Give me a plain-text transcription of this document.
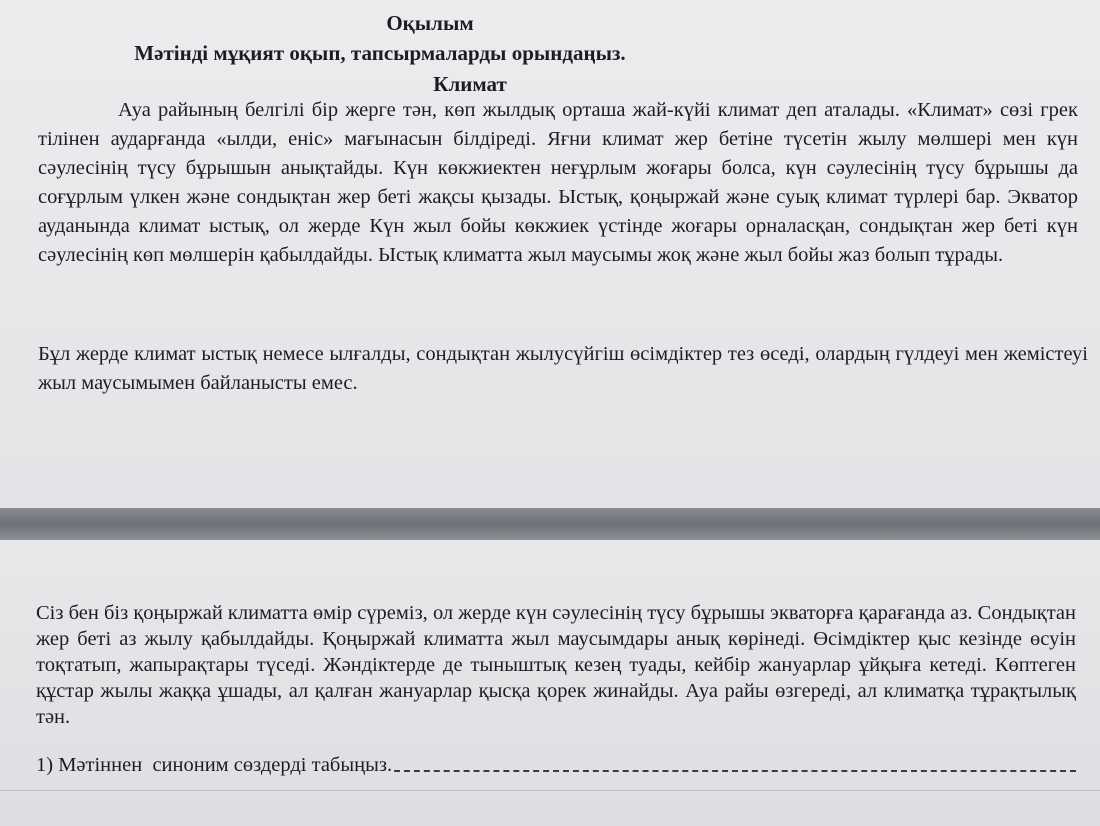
Оқылым
Мәтінді мұқият оқып, тапсырмаларды орындаңыз.
Климат

Ауа райының белгілі бір жерге тән, көп жылдық орташа жай-күйі климат деп аталады. «Климат» сөзі грек тілінен аударғанда «ылди, еніс» мағынасын білдіреді. Яғни климат жер бетіне түсетін жылу мөлшері мен күн сәулесінің түсу бұрышын анықтайды. Күн көкжиектен неғұрлым жоғары болса, күн сәулесінің түсу бұрышы да соғұрлым үлкен және сондықтан жер беті жақсы қызады. Ыстық, қоңыржай және суық климат түрлері бар. Экватор ауданында климат ыстық, ол жерде Күн жыл бойы көкжиек үстінде жоғары орналасқан, сондықтан жер беті күн сәулесінің көп мөлшерін қабылдайды. Ыстық климатта жыл маусымы жоқ және жыл бойы жаз болып тұрады.

Бұл жерде климат ыстық немесе ылғалды, сондықтан жылусүйгіш өсімдіктер тез өседі, олардың гүлдеуі мен жемістеуі жыл маусымымен байланысты емес.

Сіз бен біз қоңыржай климатта өмір сүреміз, ол жерде күн сәулесінің түсу бұрышы экваторға қарағанда аз. Сондықтан жер беті аз жылу қабылдайды. Қоңыржай климатта жыл маусымдары анық көрінеді. Өсімдіктер қыс кезінде өсуін тоқтатып, жапырақтары түседі. Жәндіктерде де тыныштық кезең туады, кейбір жануарлар ұйқыға кетеді. Көптеген құстар жылы жаққа ұшады, ал қалған жануарлар қысқа қорек жинайды. Ауа райы өзгереді, ал климатқа тұрақтылық тән.

1) Мәтіннен  синоним сөздерді табыңыз.
